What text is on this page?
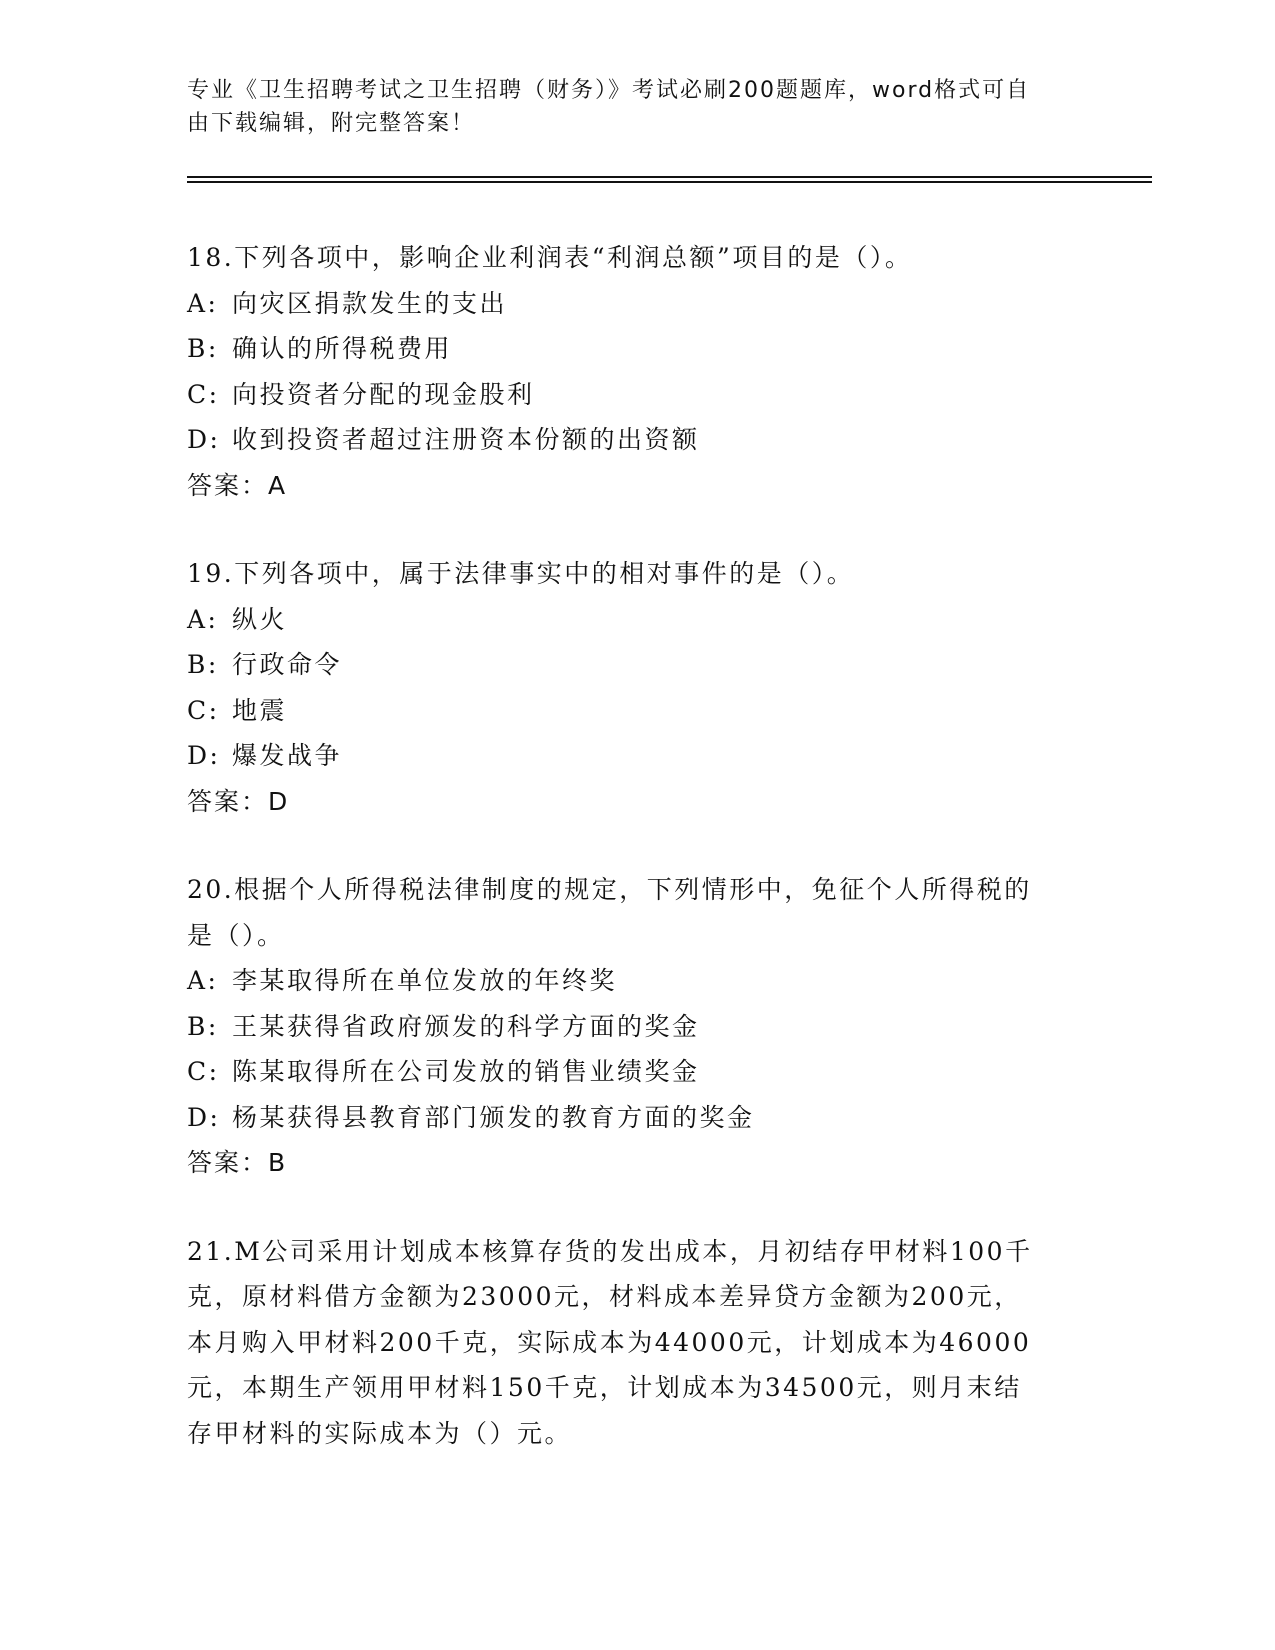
专业《卫生招聘考试之卫生招聘（财务）》考试必刷200题题库，word格式可自
由下载编辑，附完整答案！
18.下列各项中，影响企业利润表“利润总额”项目的是（）。
A: 向灾区捐款发生的支出
B: 确认的所得税费用
C: 向投资者分配的现金股利
D: 收到投资者超过注册资本份额的出资额
答案：A
19.下列各项中，属于法律事实中的相对事件的是（）。
A: 纵火
B: 行政命令
C: 地震
D: 爆发战争
答案：D
20.根据个人所得税法律制度的规定，下列情形中，免征个人所得税的
是（）。
A: 李某取得所在单位发放的年终奖
B: 王某获得省政府颁发的科学方面的奖金
C: 陈某取得所在公司发放的销售业绩奖金
D: 杨某获得县教育部门颁发的教育方面的奖金
答案：B
21.M公司采用计划成本核算存货的发出成本，月初结存甲材料100千
克，原材料借方金额为23000元，材料成本差异贷方金额为200元，
本月购入甲材料200千克，实际成本为44000元，计划成本为46000
元，本期生产领用甲材料150千克，计划成本为34500元，则月末结
存甲材料的实际成本为（）元。
